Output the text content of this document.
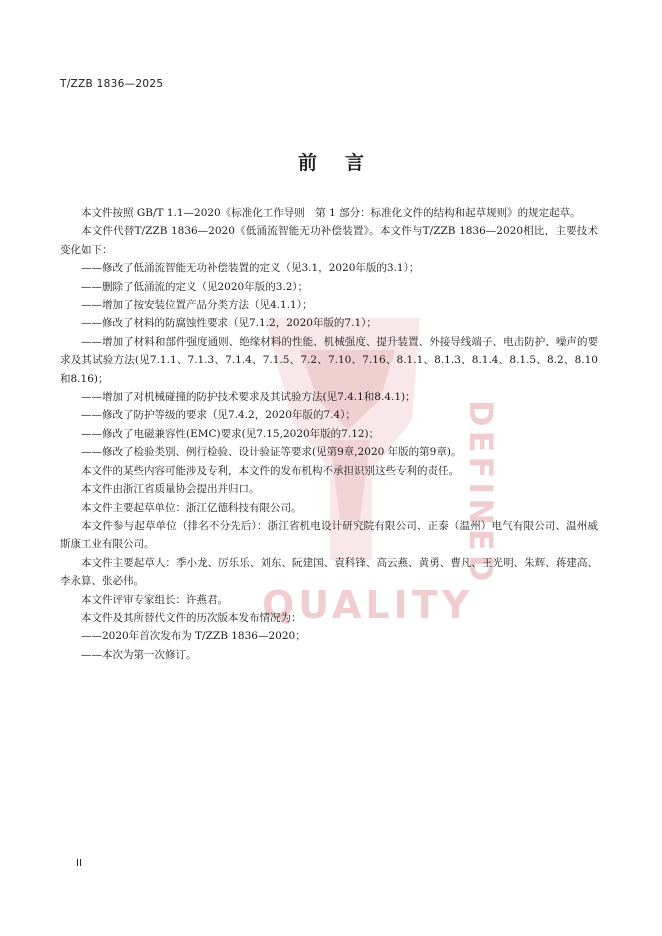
DEFINED
QUALITY
T/ZZB 1836—2025
前言
本文件按照 GB/T 1.1—2020《标准化工作导则　第 1 部分：标准化文件的结构和起草规则》的规定起草。
本文件代替T/ZZB 1836—2020《低涌流智能无功补偿装置》。本文件与T/ZZB 1836—2020相比，主要技术变化如下：
——修改了低涌流智能无功补偿装置的定义（见3.1，2020年版的3.1）；
——删除了低涌流的定义（见2020年版的3.2）；
——增加了按安装位置产品分类方法（见4.1.1）；
——修改了材料的防腐蚀性要求（见7.1.2，2020年版的7.1）；
——增加了材料和部件强度通则、绝缘材料的性能、机械强度、提升装置、外接导线端子、电击防护、噪声的要求及其试验方法(见7.1.1、7.1.3、7.1.4、7.1.5、7.2、7.10、7.16、8.1.1、8.1.3、8.1.4、8.1.5、8.2、8.10和8.16)；
——增加了对机械碰撞的防护技术要求及其试验方法(见7.4.1和8.4.1)；
——修改了防护等级的要求（见7.4.2，2020年版的7.4）；
——修改了电磁兼容性(EMC)要求(见7.15,2020年版的7.12)；
——修改了检验类别、例行检验、设计验证等要求(见第9章,2020 年版的第9章)。
本文件的某些内容可能涉及专利，本文件的发布机构不承担识别这些专利的责任。
本文件由浙江省质量协会提出并归口。
本文件主要起草单位：浙江亿德科技有限公司。
本文件参与起草单位（排名不分先后）：浙江省机电设计研究院有限公司、正泰（温州）电气有限公司、温州威斯康工业有限公司。
本文件主要起草人：季小龙、厉乐乐、刘东、阮建国、袁科锋、高云燕、黄勇、曹凡、王光明、朱辉、蒋建高、李永算、张必伟。
本文件评审专家组长：许燕君。
本文件及其所替代文件的历次版本发布情况为：
——2020年首次发布为 T/ZZB 1836—2020；
——本次为第一次修订。
II
